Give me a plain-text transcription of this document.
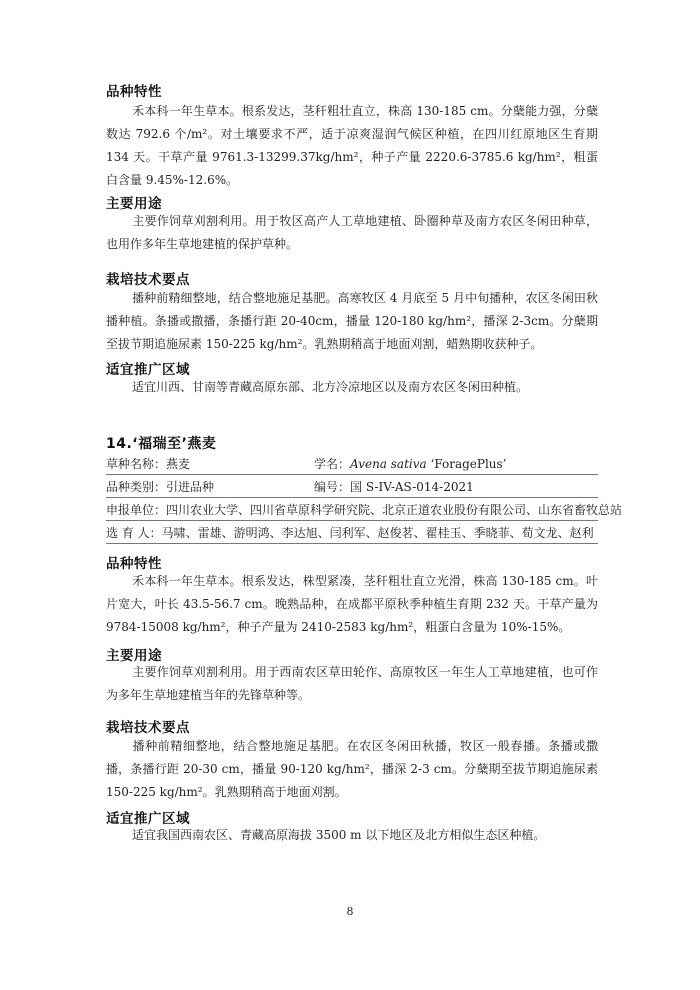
品种特性
禾本科一年生草本。根系发达，茎秆粗壮直立，株高 130-185 cm。分蘖能力强，分蘖数达 792.6 个/m²。对土壤要求不严，适于凉爽湿润气候区种植，在四川红原地区生育期 134 天。干草产量 9761.3-13299.37kg/hm²，种子产量 2220.6-3785.6 kg/hm²，粗蛋白含量 9.45%-12.6%。
主要用途
主要作饲草刈割利用。用于牧区高产人工草地建植、卧圈种草及南方农区冬闲田种草，也用作多年生草地建植的保护草种。
栽培技术要点
播种前精细整地，结合整地施足基肥。高寒牧区 4 月底至 5 月中旬播种，农区冬闲田秋播种植。条播或撒播，条播行距 20-40cm，播量 120-180 kg/hm²，播深 2-3cm。分蘖期至拔节期追施尿素 150-225 kg/hm²。乳熟期稍高于地面刈割，蜡熟期收获种子。
适宜推广区域
适宜川西、甘南等青藏高原东部、北方冷凉地区以及南方农区冬闲田种植。
14.‘福瑞至’燕麦
草种名称：燕麦	学名：Avena sativa ‘ForagePlus’
品种类别：引进品种	编号：国 S-IV-AS-014-2021
申报单位：四川农业大学、四川省草原科学研究院、北京正道农业股份有限公司、山东省畜牧总站
选 育 人：马啸、雷雄、游明鸿、李达旭、闫利军、赵俊茗、翟桂玉、季晓菲、荀文龙、赵利
品种特性
禾本科一年生草本。根系发达，株型紧凑，茎秆粗壮直立光滑，株高 130-185 cm。叶片宽大，叶长 43.5-56.7 cm。晚熟品种，在成都平原秋季种植生育期 232 天。干草产量为 9784-15008 kg/hm²，种子产量为 2410-2583 kg/hm²，粗蛋白含量为 10%-15%。
主要用途
主要作饲草刈割利用。用于西南农区草田轮作、高原牧区一年生人工草地建植，也可作为多年生草地建植当年的先锋草种等。
栽培技术要点
播种前精细整地，结合整地施足基肥。在农区冬闲田秋播，牧区一般春播。条播或撒播，条播行距 20-30 cm，播量 90-120 kg/hm²，播深 2-3 cm。分蘖期至拔节期追施尿素 150-225 kg/hm²。乳熟期稍高于地面刈割。
适宜推广区域
适宜我国西南农区、青藏高原海拔 3500 m 以下地区及北方相似生态区种植。
8
